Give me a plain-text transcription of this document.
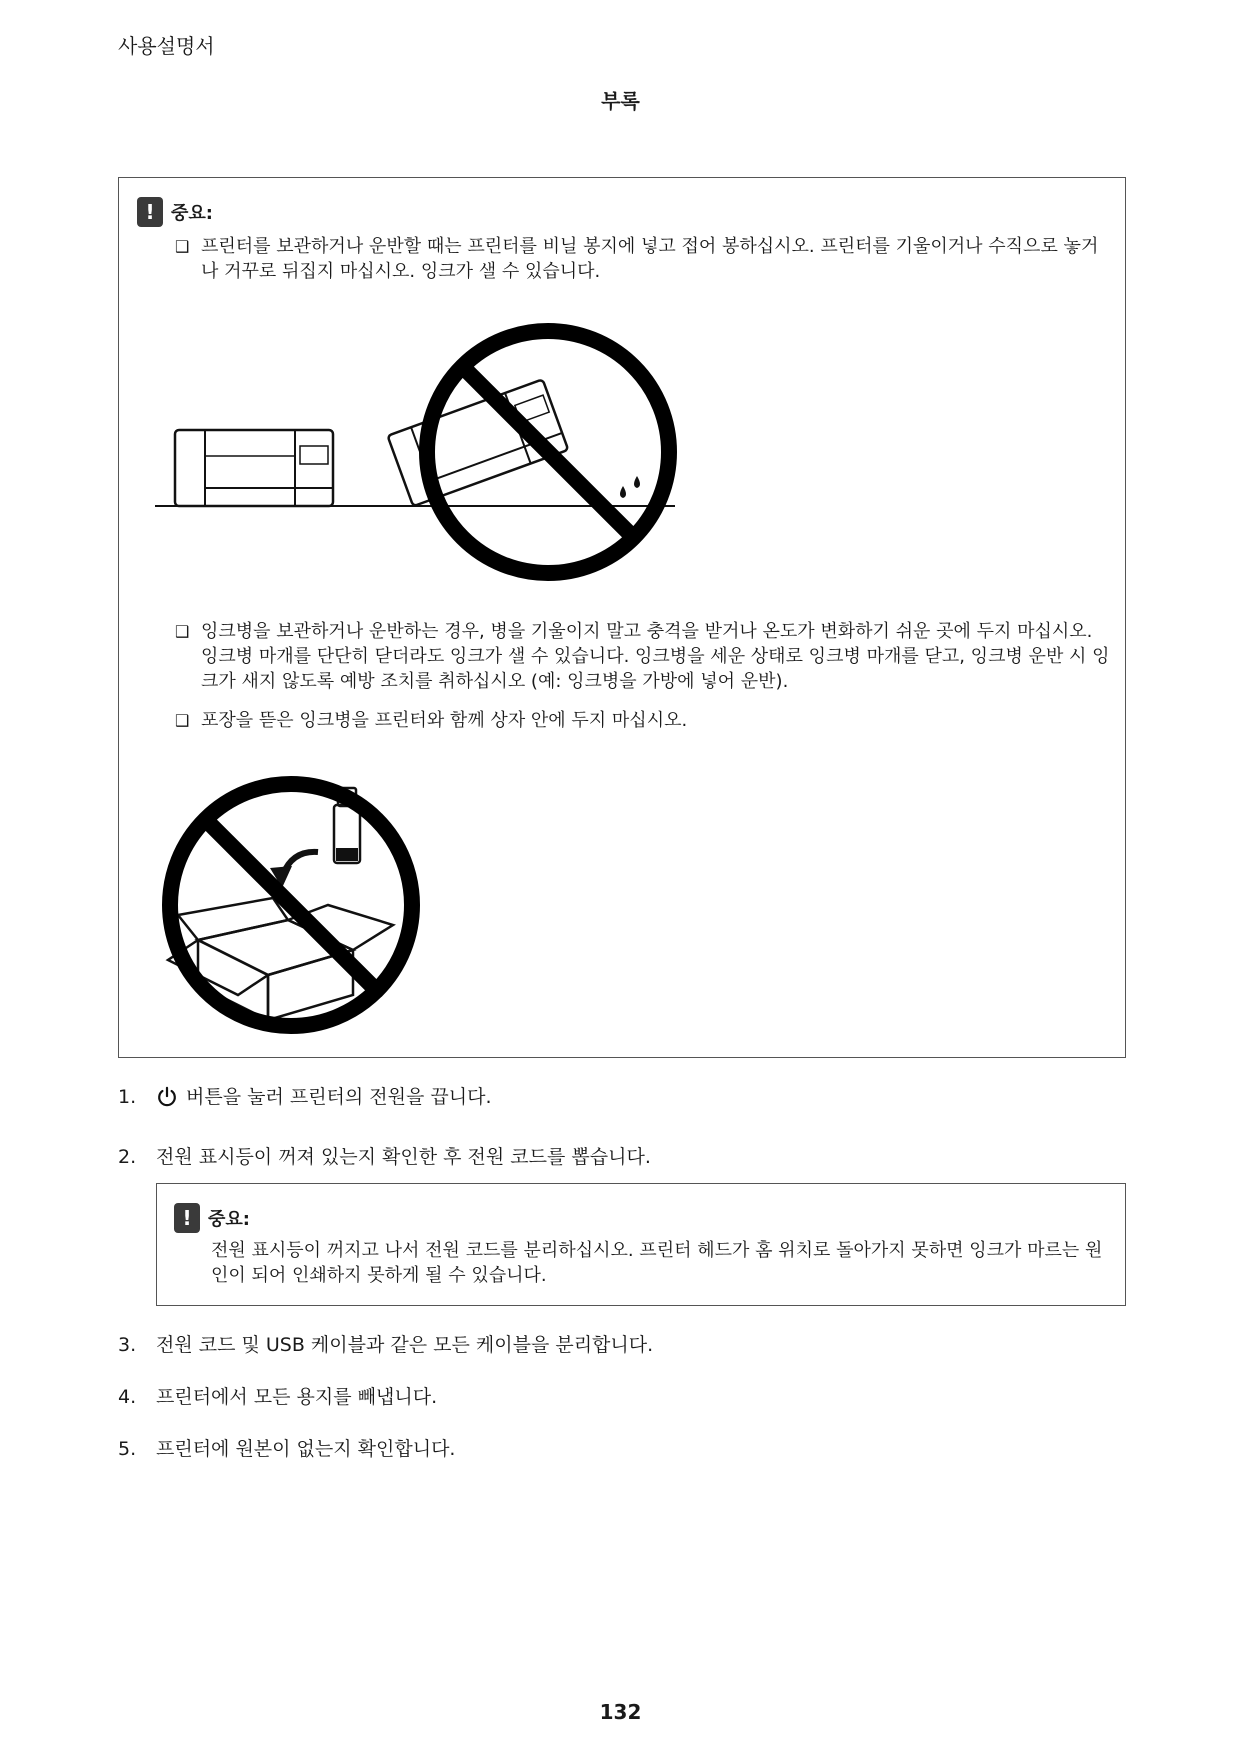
사용설명서
부록
! 중요:
❑ 프린터를 보관하거나 운반할 때는 프린터를 비닐 봉지에 넣고 접어 봉하십시오. 프린터를 기울이거나 수직으로 놓거나 거꾸로 뒤집지 마십시오. 잉크가 샐 수 있습니다.
❑ 잉크병을 보관하거나 운반하는 경우, 병을 기울이지 말고 충격을 받거나 온도가 변화하기 쉬운 곳에 두지 마십시오. 잉크병 마개를 단단히 닫더라도 잉크가 샐 수 있습니다. 잉크병을 세운 상태로 잉크병 마개를 닫고, 잉크병 운반 시 잉크가 새지 않도록 예방 조치를 취하십시오 (예: 잉크병을 가방에 넣어 운반).
❑ 포장을 뜯은 잉크병을 프린터와 함께 상자 안에 두지 마십시오.
1.	버튼을 눌러 프린터의 전원을 끕니다.
2.	전원 표시등이 꺼져 있는지 확인한 후 전원 코드를 뽑습니다.
! 중요:
전원 표시등이 꺼지고 나서 전원 코드를 분리하십시오. 프린터 헤드가 홈 위치로 돌아가지 못하면 잉크가 마르는 원인이 되어 인쇄하지 못하게 될 수 있습니다.
3.	전원 코드 및 USB 케이블과 같은 모든 케이블을 분리합니다.
4.	프린터에서 모든 용지를 빼냅니다.
5.	프린터에 원본이 없는지 확인합니다.
132
